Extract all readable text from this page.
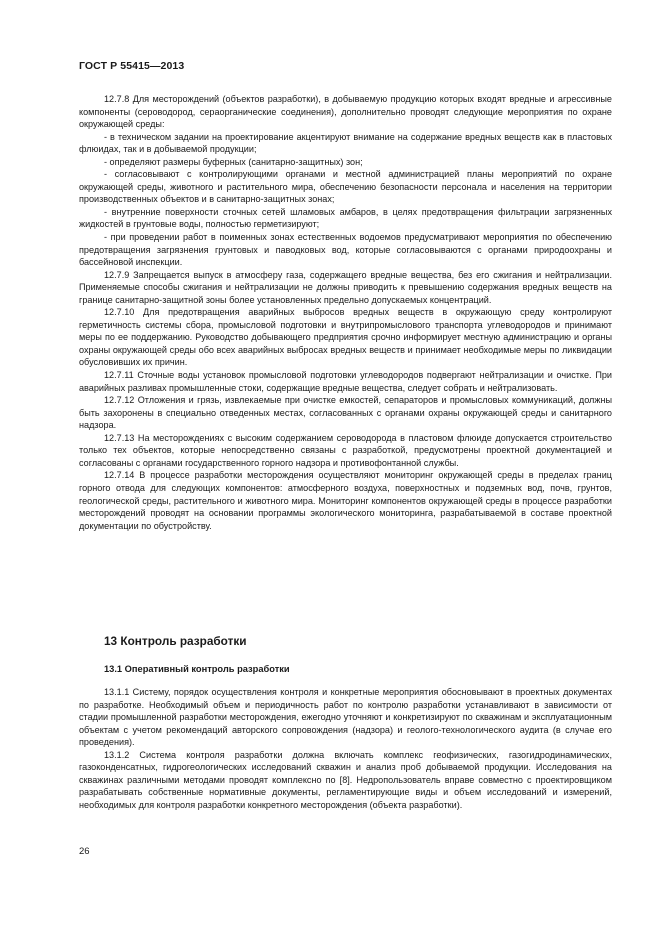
ГОСТ Р 55415—2013

12.7.8 Для месторождений (объектов разработки), в добываемую продукцию которых входят вредные и агрессивные компоненты (сероводород, сераорганические соединения), дополнительно проводят следующие мероприятия по охране окружающей среды:

- в техническом задании на проектирование акцентируют внимание на содержание вредных веществ как в пластовых флюидах, так и в добываемой продукции;

- определяют размеры буферных (санитарно-защитных) зон;

- согласовывают с контролирующими органами и местной администрацией планы мероприятий по охране окружающей среды, животного и растительного мира, обеспечению безопасности персонала и населения на территории производственных объектов и в санитарно-защитных зонах;

- внутренние поверхности сточных сетей шламовых амбаров, в целях предотвращения фильтрации загрязненных жидкостей в грунтовые воды, полностью герметизируют;

- при проведении работ в поименных зонах естественных водоемов предусматривают мероприятия по обеспечению предотвращения загрязнения грунтовых и паводковых вод, которые согласовываются с органами природоохраны и бассейновой инспекции.

12.7.9 Запрещается выпуск в атмосферу газа, содержащего вредные вещества, без его сжигания и нейтрализации. Применяемые способы сжигания и нейтрализации не должны приводить к превышению содержания вредных веществ на границе санитарно-защитной зоны более установленных предельно допускаемых концентраций.

12.7.10 Для предотвращения аварийных выбросов вредных веществ в окружающую среду контролируют герметичность системы сбора, промысловой подготовки и внутрипромыслового транспорта углеводородов и принимают меры по ее поддержанию. Руководство добывающего предприятия срочно информирует местную администрацию и органы охраны окружающей среды обо всех аварийных выбросах вредных веществ и принимает необходимые меры по ликвидации обусловивших их причин.

12.7.11 Сточные воды установок промысловой подготовки углеводородов подвергают нейтрализации и очистке. При аварийных разливах промышленные стоки, содержащие вредные вещества, следует собрать и нейтрализовать.

12.7.12 Отложения и грязь, извлекаемые при очистке емкостей, сепараторов и промысловых коммуникаций, должны быть захоронены в специально отведенных местах, согласованных с органами охраны окружающей среды и санитарного надзора.

12.7.13 На месторождениях с высоким содержанием сероводорода в пластовом флюиде допускается строительство только тех объектов, которые непосредственно связаны с разработкой, предусмотрены проектной документацией и согласованы с органами государственного горного надзора и противофонтанной службы.

12.7.14 В процессе разработки месторождения осуществляют мониторинг окружающей среды в пределах границ горного отвода для следующих компонентов: атмосферного воздуха, поверхностных и подземных вод, почв, грунтов, геологической среды, растительного и животного мира. Мониторинг компонентов окружающей среды в процессе разработки месторождений проводят на основании программы экологического мониторинга, разрабатываемой в составе проектной документации по обустройству.

13 Контроль разработки
13.1 Оперативный контроль разработки

13.1.1 Систему, порядок осуществления контроля и конкретные мероприятия обосновывают в проектных документах по разработке. Необходимый объем и периодичность работ по контролю разработки устанавливают в зависимости от стадии промышленной разработки месторождения, ежегодно уточняют и конкретизируют по скважинам и эксплуатационным объектам с учетом рекомендаций авторского сопровождения (надзора) и геолого-технологического аудита (в случае его проведения).

13.1.2 Система контроля разработки должна включать комплекс геофизических, газогидродинамических, газоконденсатных, гидрогеологических исследований скважин и анализ проб добываемой продукции. Исследования на скважинах различными методами проводят комплексно по [8]. Недропользователь вправе совместно с проектировщиком разрабатывать собственные нормативные документы, регламентирующие виды и объем исследований и измерений, необходимых для контроля разработки конкретного месторождения (объекта разработки).

26
